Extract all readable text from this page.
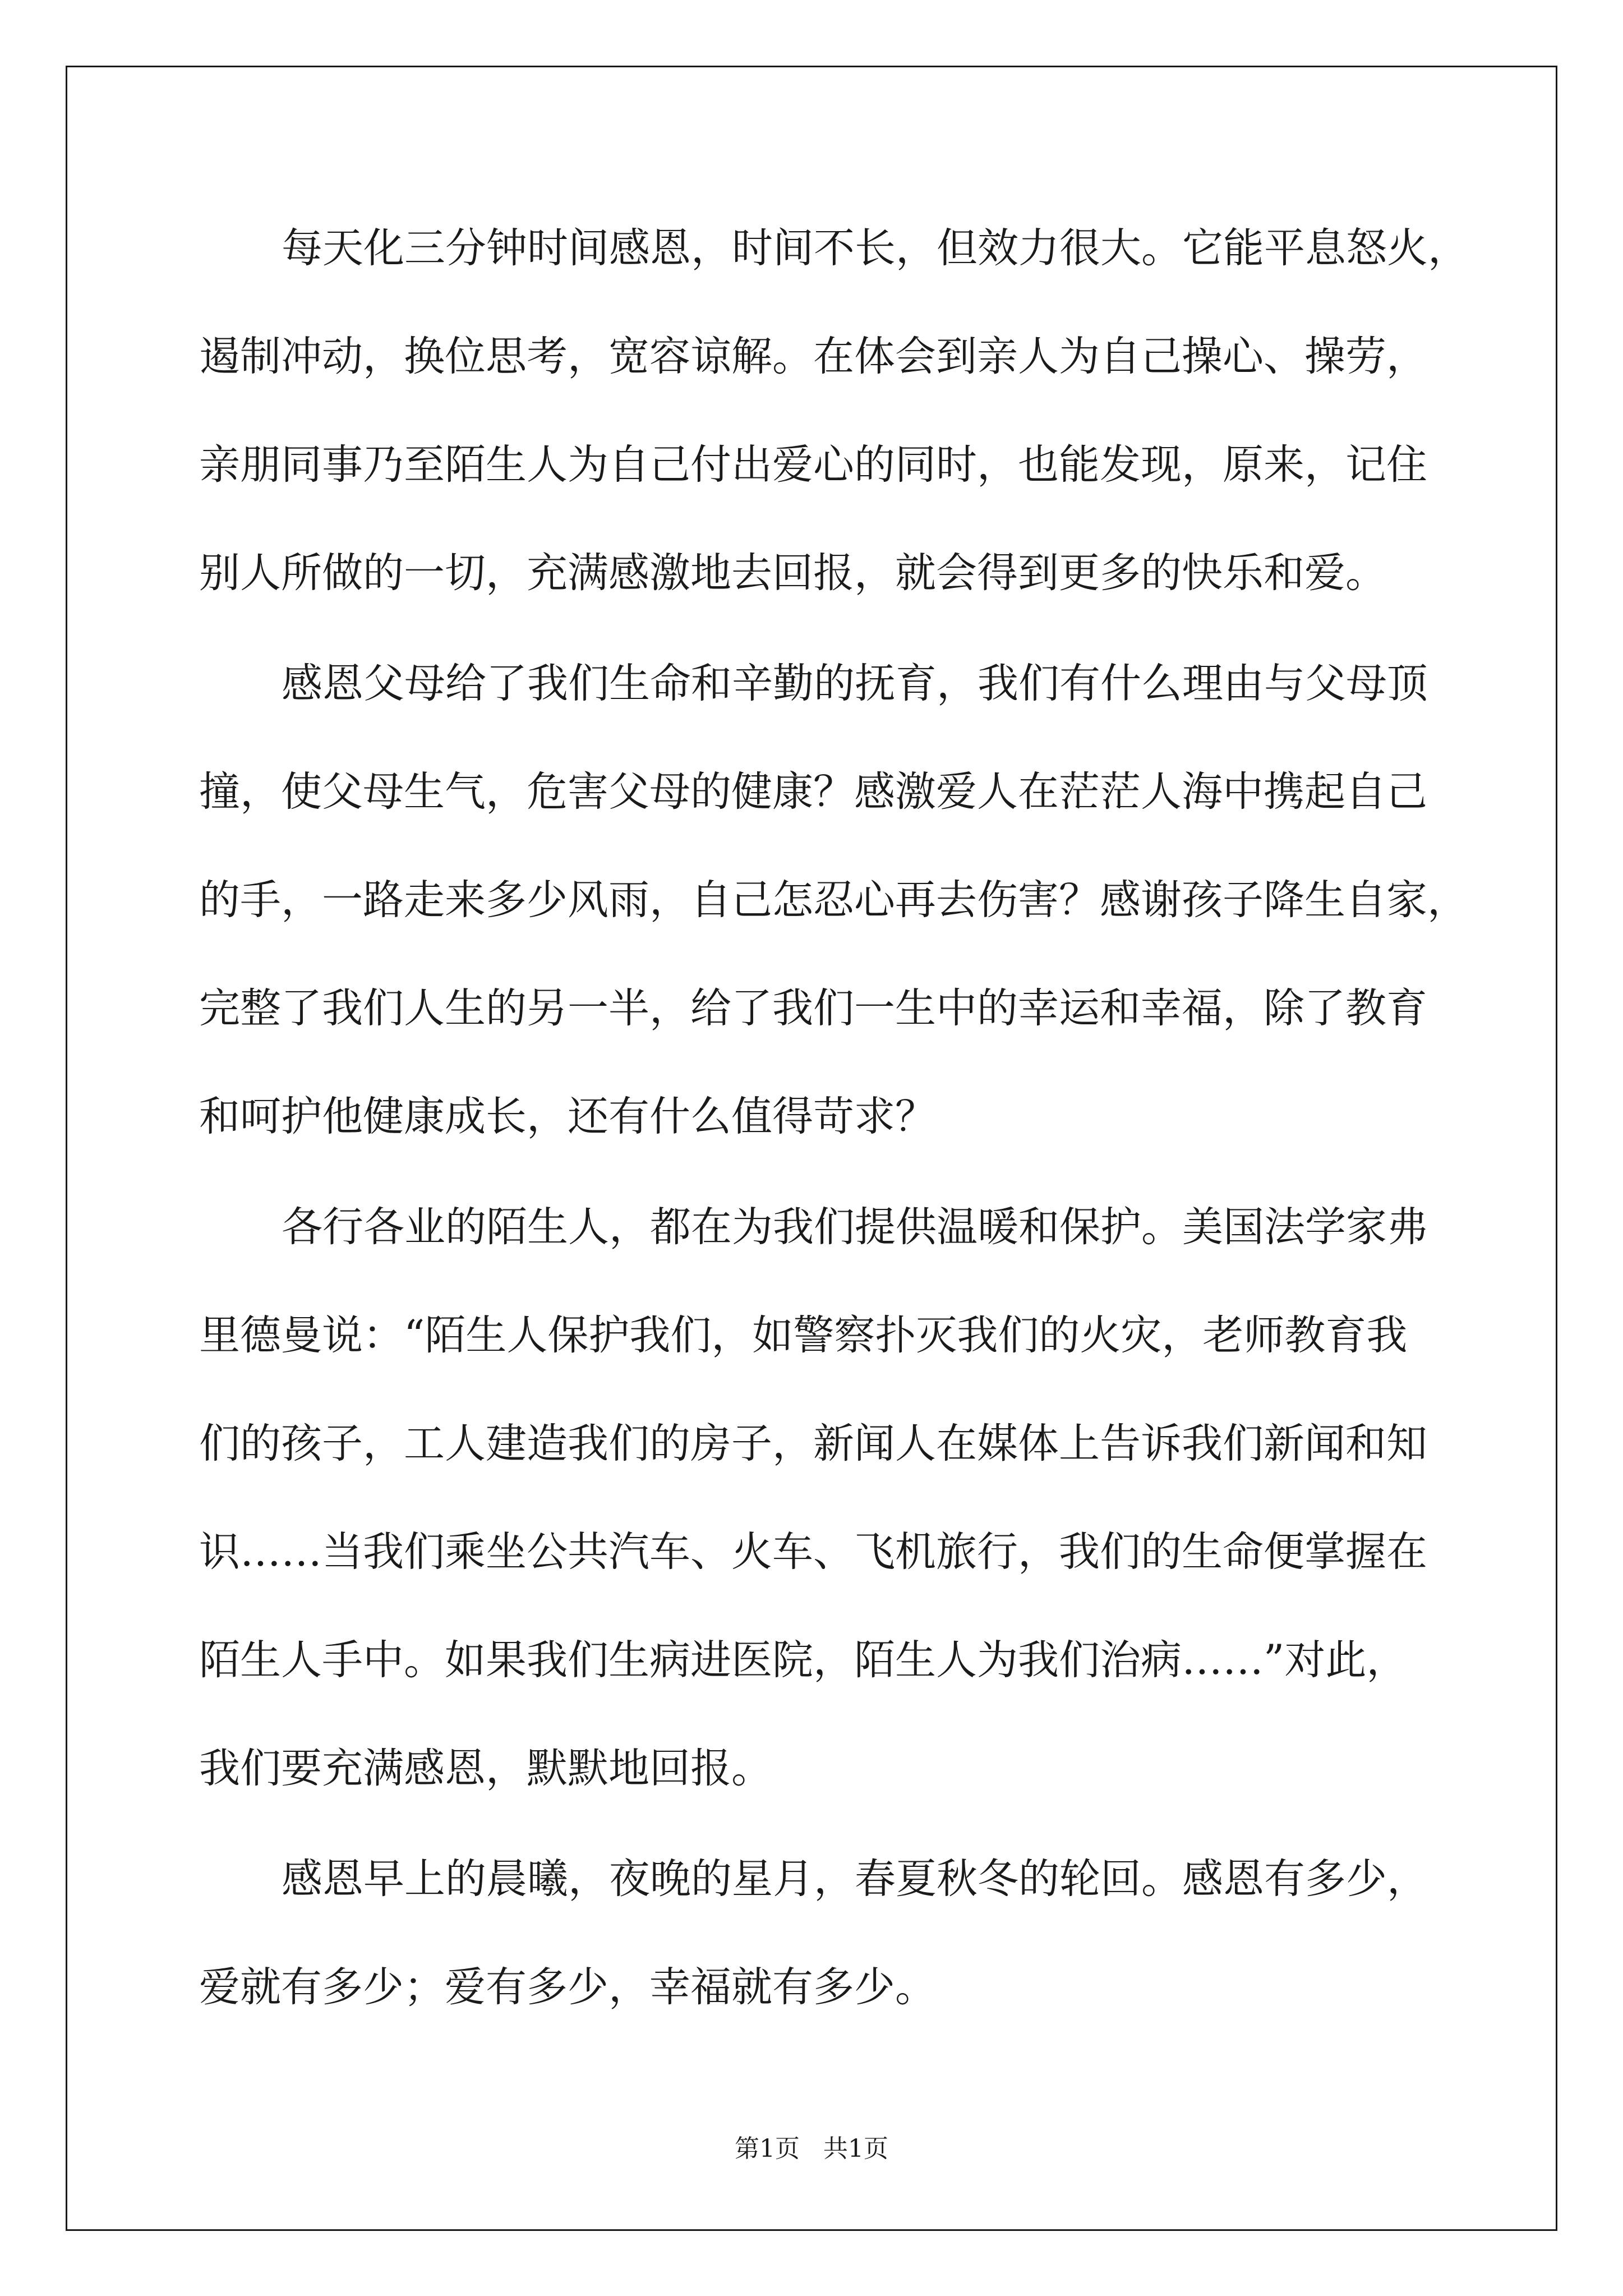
每天化三分钟时间感恩，时间不长，但效力很大。它能平息怒火，
遏制冲动，换位思考，宽容谅解。在体会到亲人为自己操心、操劳，
亲朋同事乃至陌生人为自己付出爱心的同时，也能发现，原来，记住
别人所做的一切，充满感激地去回报，就会得到更多的快乐和爱。
感恩父母给了我们生命和辛勤的抚育，我们有什么理由与父母顶
撞，使父母生气，危害父母的健康？感激爱人在茫茫人海中携起自己
的手，一路走来多少风雨，自己怎忍心再去伤害？感谢孩子降生自家，
完整了我们人生的另一半，给了我们一生中的幸运和幸福，除了教育
和呵护他健康成长，还有什么值得苛求？
各行各业的陌生人，都在为我们提供温暖和保护。美国法学家弗
里德曼说：“陌生人保护我们，如警察扑灭我们的火灾，老师教育我
们的孩子，工人建造我们的房子，新闻人在媒体上告诉我们新闻和知
识……当我们乘坐公共汽车、火车、飞机旅行，我们的生命便掌握在
陌生人手中。如果我们生病进医院，陌生人为我们治病……”对此，
我们要充满感恩，默默地回报。
感恩早上的晨曦，夜晚的星月，春夏秋冬的轮回。感恩有多少，
爱就有多少；爱有多少，幸福就有多少。
第1页   共1页
